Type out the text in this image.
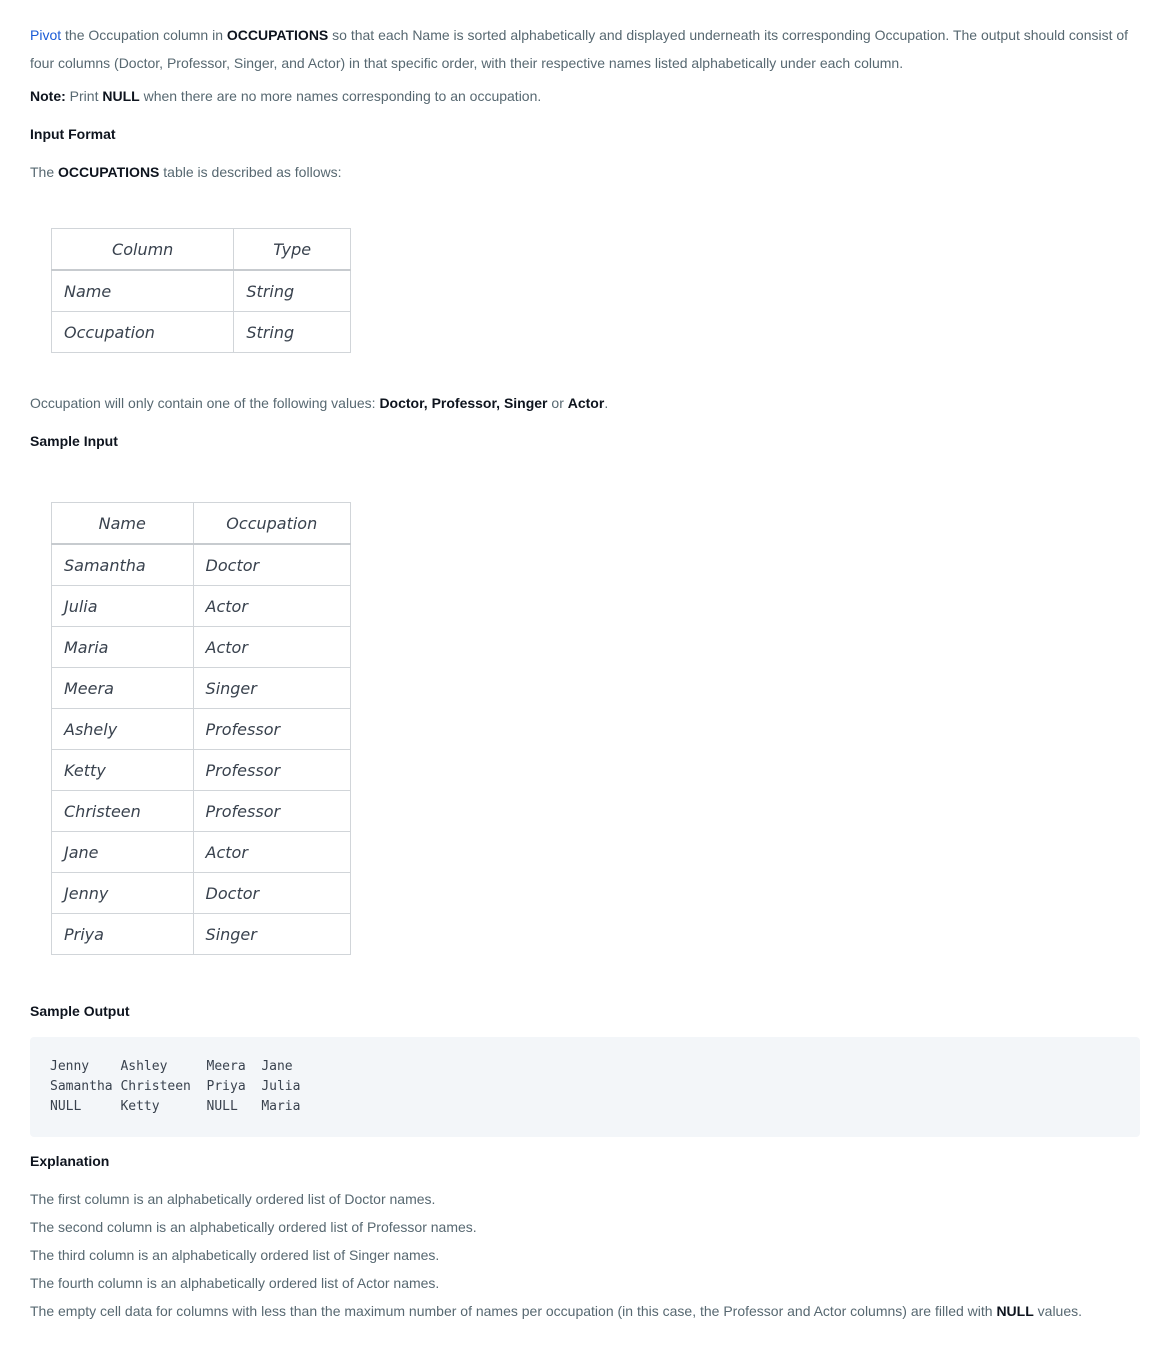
Pivot the Occupation column in OCCUPATIONS so that each Name is sorted alphabetically and displayed underneath its corresponding Occupation. The output should consist of four columns (Doctor, Professor, Singer, and Actor) in that specific order, with their respective names listed alphabetically under each column.

Note: Print NULL when there are no more names corresponding to an occupation.

Input Format

The OCCUPATIONS table is described as follows:

Column	Type
Name	String
Occupation	String

Occupation will only contain one of the following values: Doctor, Professor, Singer or Actor.

Sample Input
Name	Occupation
Samantha	Doctor
Julia	Actor
Maria	Actor
Meera	Singer
Ashely	Professor
Ketty	Professor
Christeen	Professor
Jane	Actor
Jenny	Doctor
Priya	Singer
Sample Output
Jenny    Ashley     Meera  Jane
Samantha Christeen  Priya  Julia
NULL     Ketty      NULL   Maria
Explanation

The first column is an alphabetically ordered list of Doctor names.

The second column is an alphabetically ordered list of Professor names.

The third column is an alphabetically ordered list of Singer names.

The fourth column is an alphabetically ordered list of Actor names.

The empty cell data for columns with less than the maximum number of names per occupation (in this case, the Professor and Actor columns) are filled with NULL values.
